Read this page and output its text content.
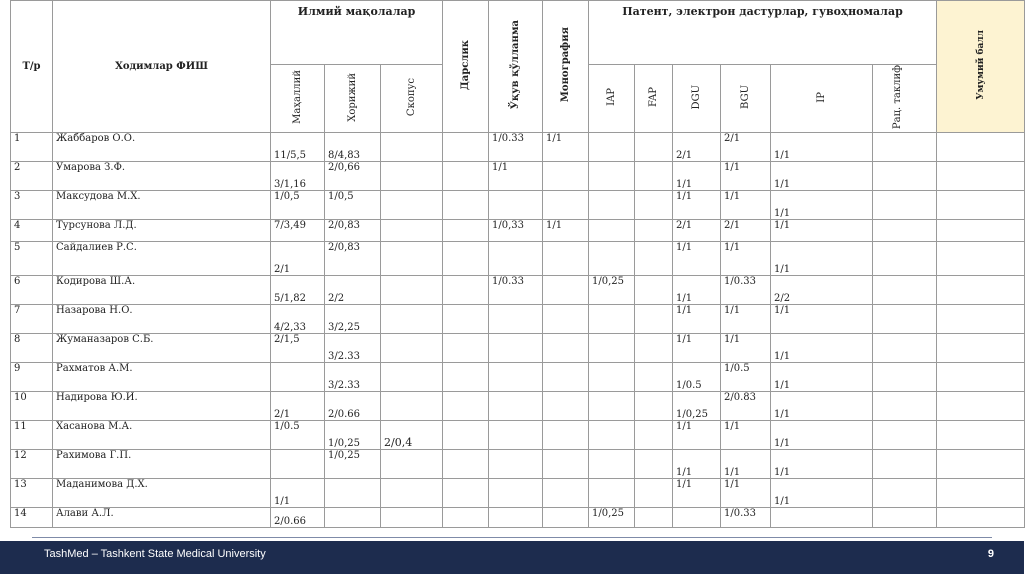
Т/р	Ходимлар ФИШ	Илмий мақолалар			Дарслик	Ўқув қўлланма	Монография	Патент, электрон дастурлар, гувоҳномалар						Умумий балл
		Маҳаллий	Хорижий	Скопус				IAP	FAP	DGU	BGU	IP	Рац. таклиф	
1	Жаббаров О.О.	11/5,5	8/4,83			1/0.33	1/1			2/1	2/1	1/1		
2	Умарова З.Ф.	3/1,16	2/0,66			1/1				1/1	1/1	1/1		
3	Максудова М.Х.	1/0,5	1/0,5							1/1	1/1	1/1		
4	Турсунова Л.Д.	7/3,49	2/0,83			1/0,33	1/1			2/1	2/1	1/1		
5	Сайдалиев Р.С.	2/1	2/0,83							1/1	1/1	1/1		
6	Кодирова Ш.А.	5/1,82	2/2			1/0.33		1/0,25		1/1	1/0.33	2/2		
7	Назарова Н.О.	4/2,33	3/2,25							1/1	1/1	1/1		
8	Жуманазаров С.Б.	2/1,5	3/2.33							1/1	1/1	1/1		
9	Рахматов А.М.		3/2.33							1/0.5	1/0.5	1/1		
10	Надирова Ю.И.	2/1	2/0.66							1/0,25	2/0.83	1/1		
11	Хасанова М.А.	1/0.5	1/0,25	2/0,4						1/1	1/1	1/1		
12	Рахимова Г.П.		1/0,25							1/1	1/1	1/1		
13	Маданимова Д.Х.	1/1								1/1	1/1	1/1		
14	Алави А.Л.	2/0.66						1/0,25			1/0.33			
TashMed – Tashkent State Medical University	9
